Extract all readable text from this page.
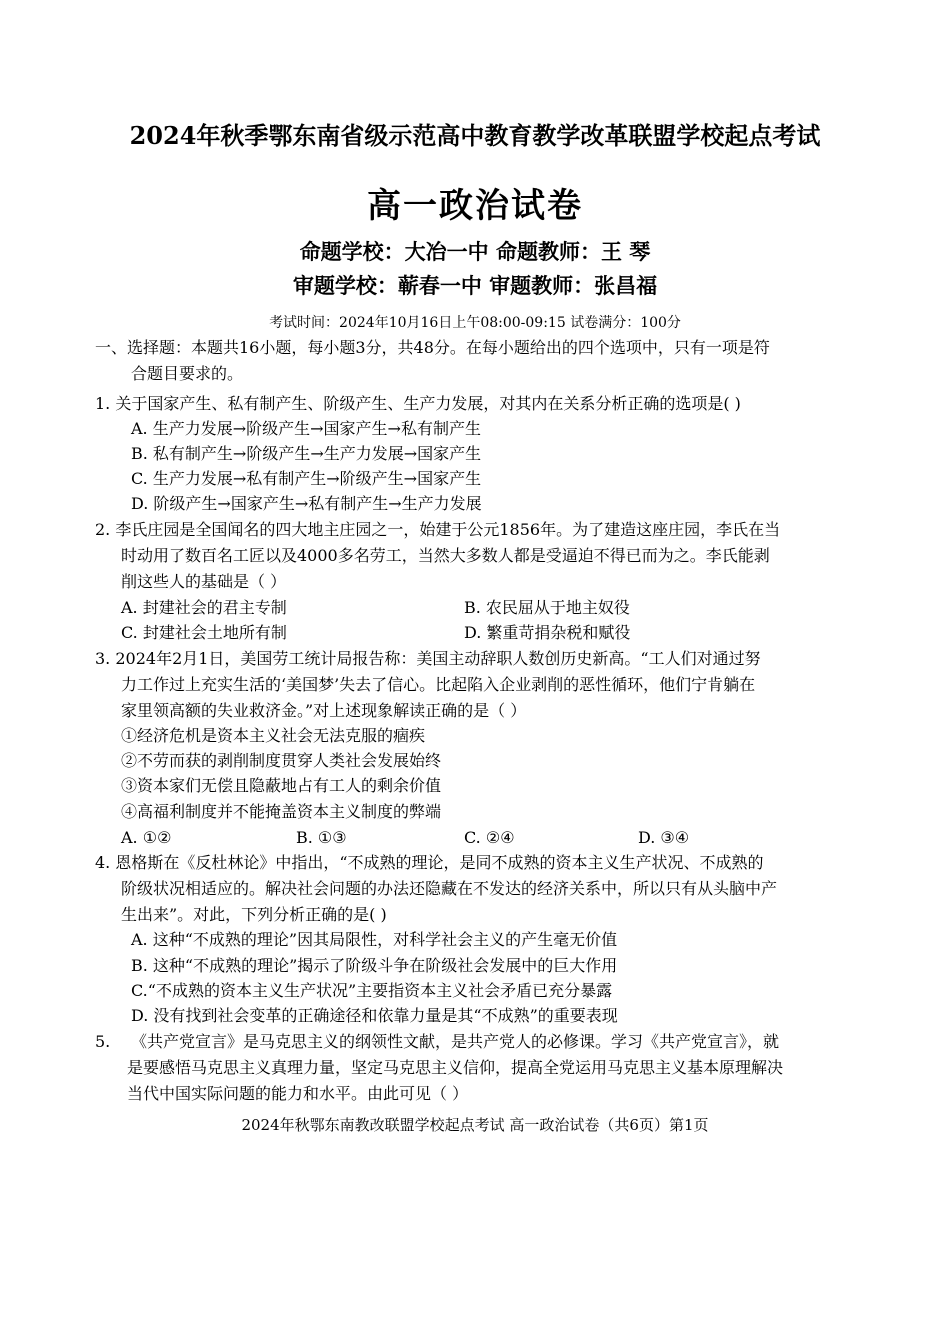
2024年秋季鄂东南省级示范高中教育教学改革联盟学校起点考试
高一政治试卷
命题学校：大冶一中 命题教师：王 琴
审题学校：蕲春一中 审题教师：张昌福
考试时间：2024年10月16日上午08:00-09:15 试卷满分：100分
一、选择题：本题共16小题，每小题3分，共48分。在每小题给出的四个选项中，只有一项是符
合题目要求的。
1. 关于国家产生、私有制产生、阶级产生、生产力发展，对其内在关系分析正确的选项是( )
A. 生产力发展→阶级产生→国家产生→私有制产生
B. 私有制产生→阶级产生→生产力发展→国家产生
C. 生产力发展→私有制产生→阶级产生→国家产生
D. 阶级产生→国家产生→私有制产生→生产力发展
2. 李氏庄园是全国闻名的四大地主庄园之一，始建于公元1856年。为了建造这座庄园，李氏在当
时动用了数百名工匠以及4000多名劳工，当然大多数人都是受逼迫不得已而为之。李氏能剥
削这些人的基础是（ ）
A. 封建社会的君主专制	B. 农民屈从于地主奴役
C. 封建社会土地所有制	D. 繁重苛捐杂税和赋役
3. 2024年2月1日，美国劳工统计局报告称：美国主动辞职人数创历史新高。“工人们对通过努
力工作过上充实生活的‘美国梦’失去了信心。比起陷入企业剥削的恶性循环，他们宁肯躺在
家里领高额的失业救济金。”对上述现象解读正确的是（ ）
①经济危机是资本主义社会无法克服的痼疾
②不劳而获的剥削制度贯穿人类社会发展始终
③资本家们无偿且隐蔽地占有工人的剩余价值
④高福利制度并不能掩盖资本主义制度的弊端
A. ①②	B. ①③	C. ②④	D. ③④
4. 恩格斯在《反杜林论》中指出，“不成熟的理论，是同不成熟的资本主义生产状况、不成熟的
阶级状况相适应的。解决社会问题的办法还隐藏在不发达的经济关系中，所以只有从头脑中产
生出来”。对此，下列分析正确的是( )
A. 这种“不成熟的理论”因其局限性，对科学社会主义的产生毫无价值
B. 这种“不成熟的理论”揭示了阶级斗争在阶级社会发展中的巨大作用
C.“不成熟的资本主义生产状况”主要指资本主义社会矛盾已充分暴露
D. 没有找到社会变革的正确途径和依靠力量是其“不成熟”的重要表现
5. 《共产党宣言》是马克思主义的纲领性文献，是共产党人的必修课。学习《共产党宣言》，就
是要感悟马克思主义真理力量，坚定马克思主义信仰，提高全党运用马克思主义基本原理解决
当代中国实际问题的能力和水平。由此可见（ ）
2024年秋鄂东南教改联盟学校起点考试 高一政治试卷（共6页）第1页
